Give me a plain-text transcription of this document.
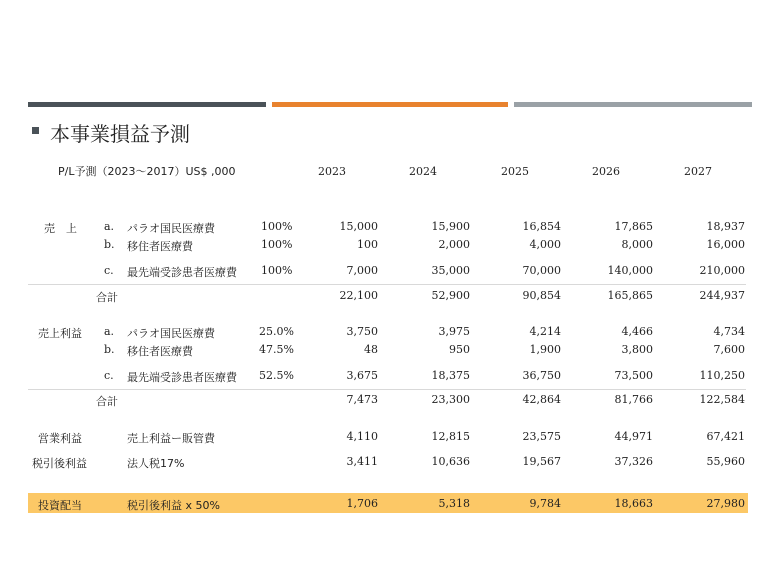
本事業損益予測
P/L予測（2023〜2017）US$ ,000	2023	2024	2025	2026	2027
売　上 a. パラオ国民医療費	100%	15,000	15,900	16,854	17,865	18,937
b. 移住者医療費	100%	100	2,000	4,000	8,000	16,000
c. 最先端受診患者医療費 100%	7,000	35,000	70,000	140,000	210,000
合計	22,100	52,900	90,854	165,865	244,937
売上利益 a. パラオ国民医療費	25.0%	3,750	3,975	4,214	4,466	4,734
b. 移住者医療費	47.5%	48	950	1,900	3,800	7,600
c. 最先端受診患者医療費 52.5%	3,675	18,375	36,750	73,500	110,250
合計	7,473	23,300	42,864	81,766	122,584
営業利益	売上利益ー販管費	4,110	12,815	23,575	44,971	67,421
税引後利益	法人税17%	3,411	10,636	19,567	37,326	55,960
投資配当	税引後利益 x 50%	1,706	5,318	9,784	18,663	27,980
